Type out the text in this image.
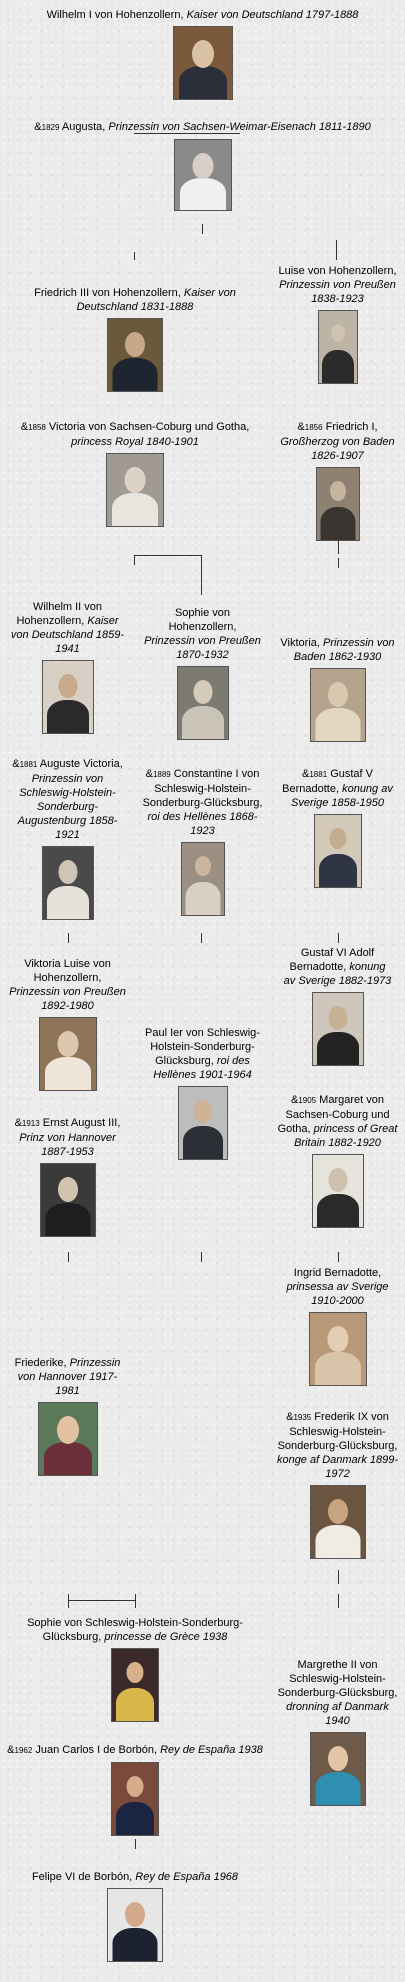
Wilhelm I von Hohenzollern, Kaiser von Deutschland 1797-1888
&1829 Augusta, Prinzessin von Sachsen-Weimar-Eisenach 1811-1890
Friedrich III von Hohenzollern, Kaiser von Deutschland 1831-1888
Luise von Hohenzollern, Prinzessin von Preußen 1838-1923
&1858 Victoria von Sachsen-Coburg und Gotha, princess Royal 1840-1901
&1856 Friedrich I, Großherzog von Baden 1826-1907
Wilhelm II von Hohenzollern, Kaiser von Deutschland 1859-1941
Sophie von Hohenzollern, Prinzessin von Preußen 1870-1932
Viktoria, Prinzessin von Baden 1862-1930
&1881 Auguste Victoria, Prinzessin von Schleswig-Holstein-Sonderburg-Augustenburg 1858-1921
&1889 Constantine I von Schleswig-Holstein-Sonderburg-Glücksburg, roi des Hellènes 1868-1923
&1881 Gustaf V Bernadotte, konung av Sverige 1858-1950
Viktoria Luise von Hohenzollern, Prinzessin von Preußen 1892-1980
Gustaf VI Adolf Bernadotte, konung av Sverige 1882-1973
Paul Ier von Schleswig-Holstein-Sonderburg-Glücksburg, roi des Hellènes 1901-1964
&1913 Ernst August III, Prinz von Hannover 1887-1953
&1905 Margaret von Sachsen-Coburg und Gotha, princess of Great Britain 1882-1920
Ingrid Bernadotte, prinsessa av Sverige 1910-2000
Friederike, Prinzessin von Hannover 1917-1981
&1935 Frederik IX von Schleswig-Holstein-Sonderburg-Glücksburg, konge af Danmark 1899-1972
Sophie von Schleswig-Holstein-Sonderburg-Glücksburg, princesse de Grèce 1938
Margrethe II von Schleswig-Holstein-Sonderburg-Glücksburg, dronning af Danmark 1940
&1962 Juan Carlos I de Borbón, Rey de España 1938
Felipe VI de Borbón, Rey de España 1968
